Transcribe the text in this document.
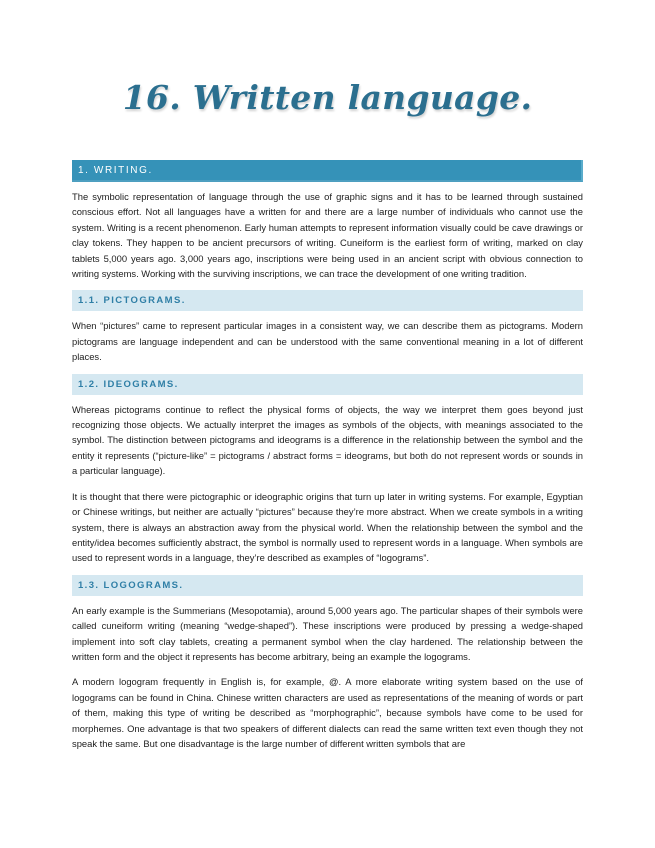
16. Written language.
1. WRITING.

The symbolic representation of language through the use of graphic signs and it has to be learned through sustained conscious effort. Not all languages have a written for and there are a large number of individuals who cannot use the system. Writing is a recent phenomenon. Early human attempts to represent information visually could be cave drawings or clay tokens. They happen to be ancient precursors of writing. Cuneiform is the earliest form of writing, marked on clay tablets 5,000 years ago. 3,000 years ago, inscriptions were being used in an ancient script with obvious connection to writing systems. Working with the surviving inscriptions, we can trace the development of one writing tradition.

1.1. PICTOGRAMS.

When “pictures” came to represent particular images in a consistent way, we can describe them as pictograms. Modern pictograms are language independent and can be understood with the same conventional meaning in a lot of different places.

1.2. IDEOGRAMS.

Whereas pictograms continue to reflect the physical forms of objects, the way we interpret them goes beyond just recognizing those objects. We actually interpret the images as symbols of the objects, with meanings associated to the symbol. The distinction between pictograms and ideograms is a difference in the relationship between the symbol and the entity it represents (“picture-like” = pictograms / abstract forms = ideograms, but both do not represent words or sounds in a particular language).

It is thought that there were pictographic or ideographic origins that turn up later in writing systems. For example, Egyptian or Chinese writings, but neither are actually “pictures” because they’re more abstract. When we create symbols in a writing system, there is always an abstraction away from the physical world. When the relationship between the symbol and the entity/idea becomes sufficiently abstract, the symbol is normally used to represent words in a language. When symbols are used to represent words in a language, they’re described as examples of “logograms”.

1.3. LOGOGRAMS.

An early example is the Summerians (Mesopotamia), around 5,000 years ago. The particular shapes of their symbols were called cuneiform writing (meaning “wedge-shaped”). These inscriptions were produced by pressing a wedge-shaped implement into soft clay tablets, creating a permanent symbol when the clay hardened. The relationship between the written form and the object it represents has become arbitrary, being an example the logograms.

A modern logogram frequently in English is, for example, @. A more elaborate writing system based on the use of logograms can be found in China. Chinese written characters are used as representations of the meaning of words or part of them, making this type of writing be described as “morphographic”, because symbols have come to be used for morphemes. One advantage is that two speakers of different dialects can read the same written text even though they not speak the same. But one disadvantage is the large number of different written symbols that are
